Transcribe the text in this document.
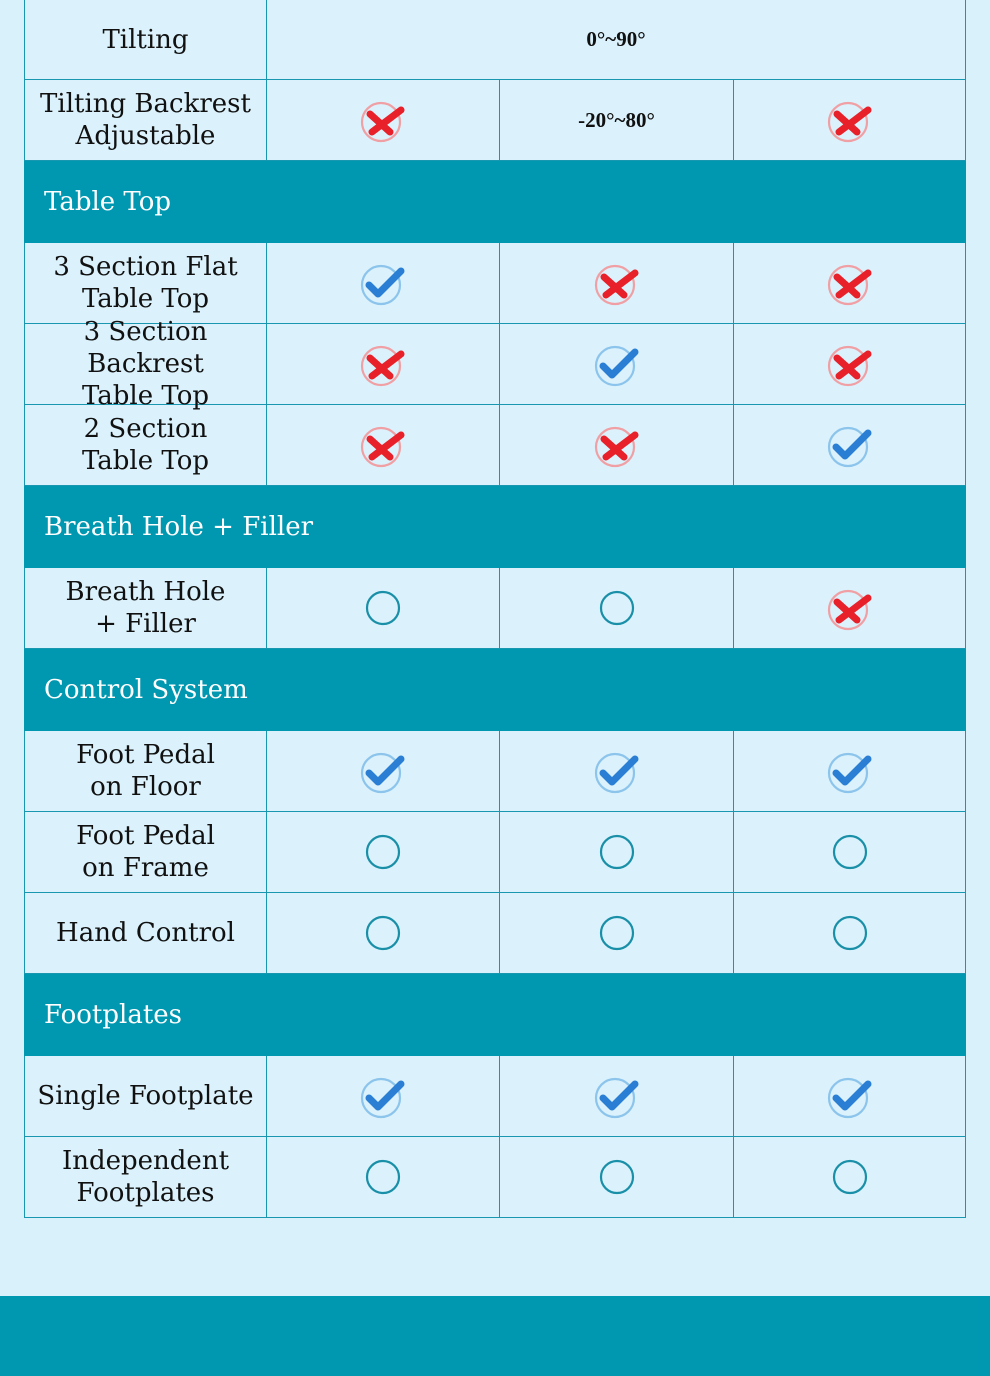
Tilting	0°~90°
Tilting Backrest
Adjustable
-20°~80°
Table Top
3 Section Flat
Table Top
3 Section Backrest
Table Top
2 Section
Table Top
Breath Hole + Filler
Breath Hole
+ Filler
Control System
Foot Pedal
on Floor
Foot Pedal
on Frame
Hand Control
Footplates
Single Footplate
Independent
Footplates
